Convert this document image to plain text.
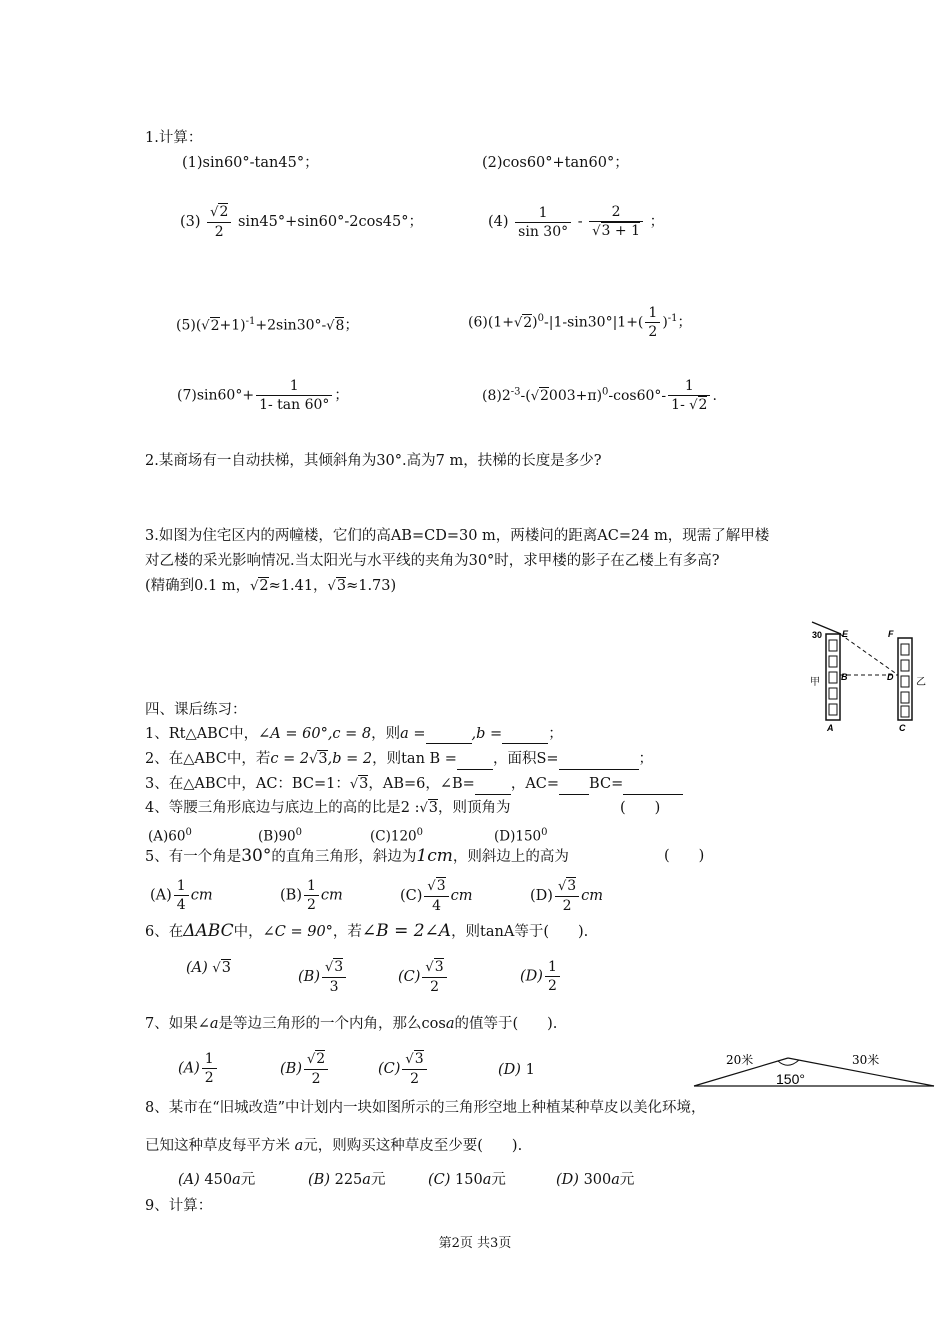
1.计算：
(1)sin60°-tan45°；	(2)cos60°+tan60°；
$(3) \frac{√2}{2} \sin 45^\circ+\sin 60^\circ-2\cos 45^\circ$；	$(4) \frac{1}{\sin 30^\circ} - \frac{2}{√3 + 1}$ ；
$(5)(√2+1)^{-1}+2\sin 30^\circ-√8$；	$(6)(1+√2)^0-|1-\sin 30^\circ|1+( \frac{1}{2} )^{-1}$；
$(7)\sin 60^\circ+ \frac{1}{1- \tan 60^\circ}$ ；	$(8)2^{-3}-(√2003+\pi)^0-\cos 60^\circ- \frac{1}{1- √2}$ .
2.某商场有一自动扶梯，其倾斜角为30°.高为7 m，扶梯的长度是多少?
3.如图为住宅区内的两幢楼，它们的高AB=CD=30 m，两楼问的距离AC=24 m，现需了解甲楼
对乙楼的采光影响情况.当太阳光与水平线的夹角为30°时，求甲楼的影子在乙楼上有多高?
(精确到0.1 m，√2≈1.41，√3≈1.73)
30 E	F
B	D
A	C
甲	乙
四、课后练习：
1、Rt△ABC中，∠A = 60°,c = 8，则a =	,b =	；
2、在△ABC中，若c = 2√3,b = 2，则tan B = ，面积S=	；
3、在△ABC中，AC：BC=1：√3，AB=6，∠B= ，AC= BC=
4、等腰三角形底边与底边上的高的比是2 :√3，则顶角为	(　　)
$(A)60^0$	$(B)90^0$	$(C)120^0$	$(D)150^0$
5、有一个角是30°的直角三角形，斜边为1cm，则斜边上的高为	(　　)
$(A) \frac{1}{4}$ cm	$(B) \frac{1}{2}$ cm	$(C) \frac{√3}{4}$ cm	$(D) \frac{√3}{2}$ cm
6、在ΔABC中，∠C = 90°，若∠B = 2∠A，则tanA等于(　　).
(A) √3
$(B) \frac{√3}{3}$	$(C) \frac{√3}{2}$	$(D) \frac{1}{2}$
7、如果∠a是等边三角形的一个内角，那么cosa的值等于(　　).
$(A) \frac{1}{2}$	$(B) \frac{√2}{2}$	$(C) \frac{√3}{2}$	(D) 1
20米	30米
150°
8、某市在“旧城改造”中计划内一块如图所示的三角形空地上种植某种草皮以美化环境，
已知这种草皮每平方米 a元，则购买这种草皮至少要(　　).
(A) 450a元	(B) 225a元	(C) 150a元	(D) 300a元
9、计算：
第2页 共3页
